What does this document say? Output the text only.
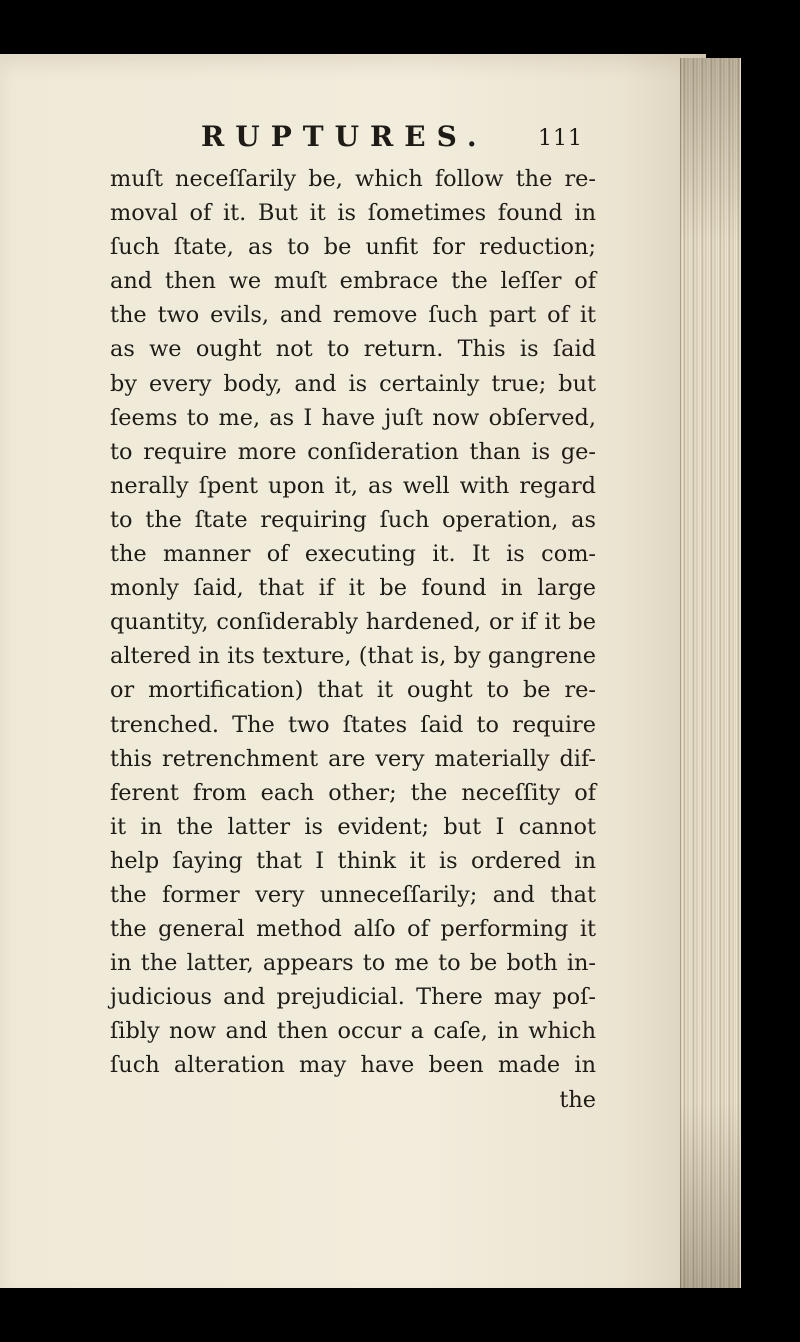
RUPTURES. 111
muſt neceſſarily be, which follow the re-
moval of it. But it is ſometimes found in
ſuch ſtate, as to be unfit for reduction;
and then we muſt embrace the leſſer of
the two evils, and remove ſuch part of it
as we ought not to return. This is ſaid
by every body, and is certainly true; but
ſeems to me, as I have juſt now obſerved,
to require more conſideration than is ge-
nerally ſpent upon it, as well with regard
to the ſtate requiring ſuch operation, as
the manner of executing it. It is com-
monly ſaid, that if it be found in large
quantity, conſiderably hardened, or if it be
altered in its texture, (that is, by gangrene
or mortification) that it ought to be re-
trenched. The two ſtates ſaid to require
this retrenchment are very materially dif-
ferent from each other; the neceſſity of
it in the latter is evident; but I cannot
help ſaying that I think it is ordered in
the former very unneceſſarily; and that
the general method alſo of performing it
in the latter, appears to me to be both in-
judicious and prejudicial. There may poſ-
ſibly now and then occur a caſe, in which
ſuch alteration may have been made in
the
